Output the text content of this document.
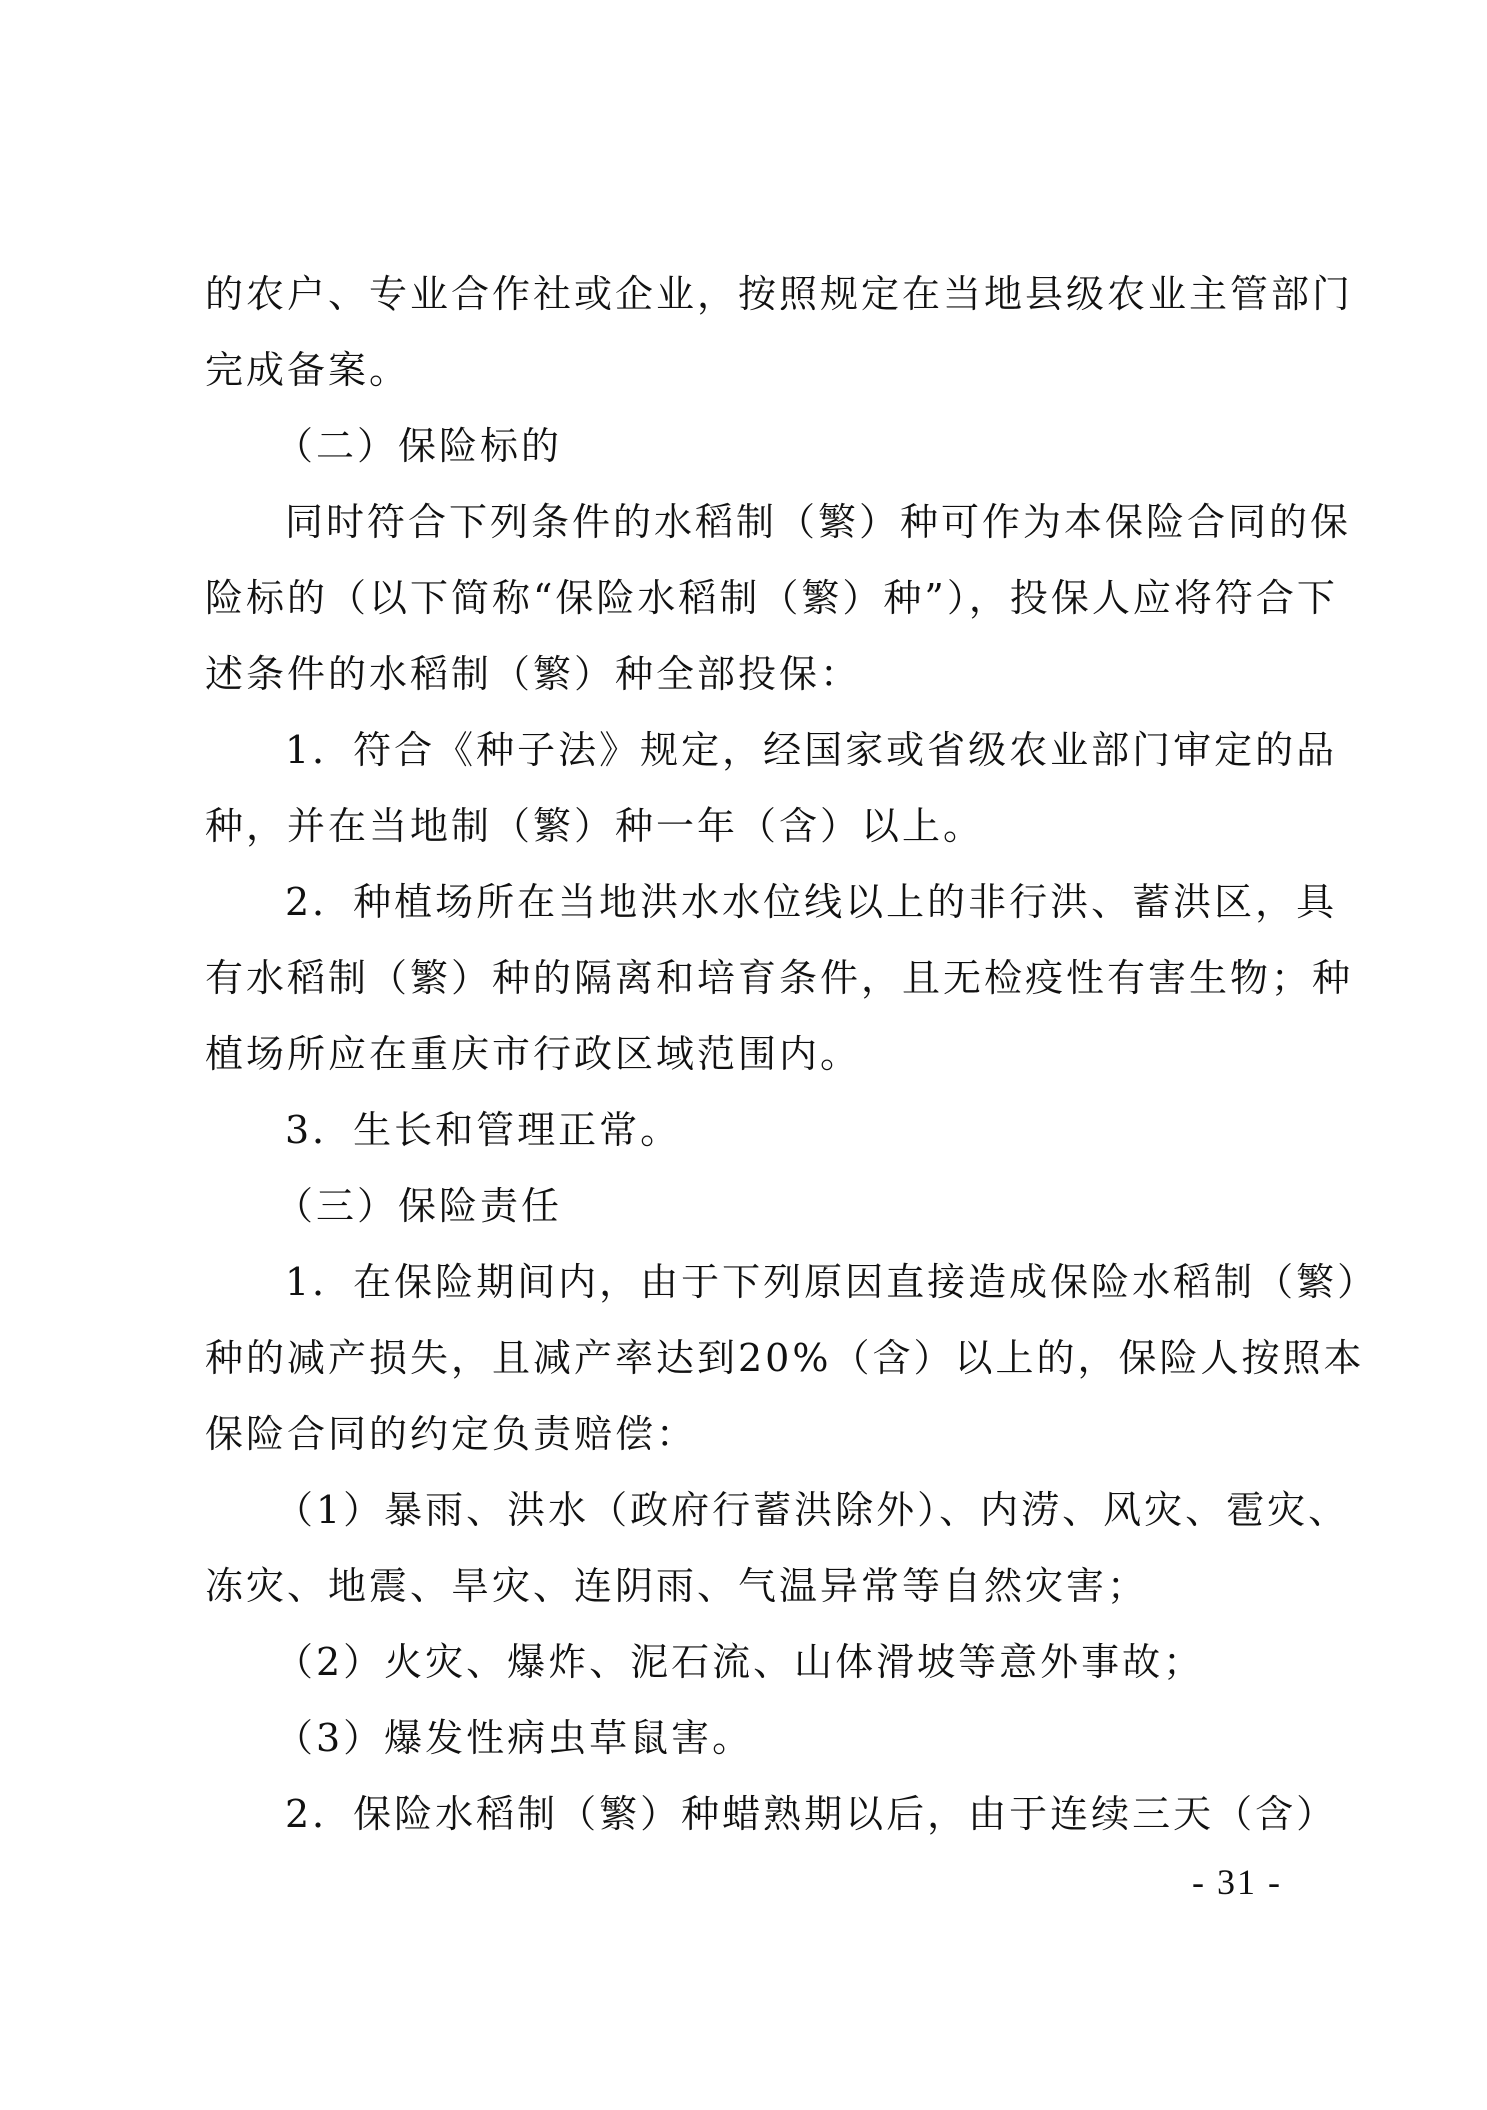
的农户、专业合作社或企业，按照规定在当地县级农业主管部门
完成备案。
（二）保险标的
同时符合下列条件的水稻制（繁）种可作为本保险合同的保
险标的（以下简称“保险水稻制（繁）种”），投保人应将符合下
述条件的水稻制（繁）种全部投保：
1．符合《种子法》规定，经国家或省级农业部门审定的品
种，并在当地制（繁）种一年（含）以上。
2．种植场所在当地洪水水位线以上的非行洪、蓄洪区，具
有水稻制（繁）种的隔离和培育条件，且无检疫性有害生物；种
植场所应在重庆市行政区域范围内。
3．生长和管理正常。
（三）保险责任
1．在保险期间内，由于下列原因直接造成保险水稻制（繁）
种的减产损失，且减产率达到20%（含）以上的，保险人按照本
保险合同的约定负责赔偿：
（1）暴雨、洪水（政府行蓄洪除外）、内涝、风灾、雹灾、
冻灾、地震、旱灾、连阴雨、气温异常等自然灾害；
（2）火灾、爆炸、泥石流、山体滑坡等意外事故；
（3）爆发性病虫草鼠害。
2．保险水稻制（繁）种蜡熟期以后，由于连续三天（含）
- 31 -
